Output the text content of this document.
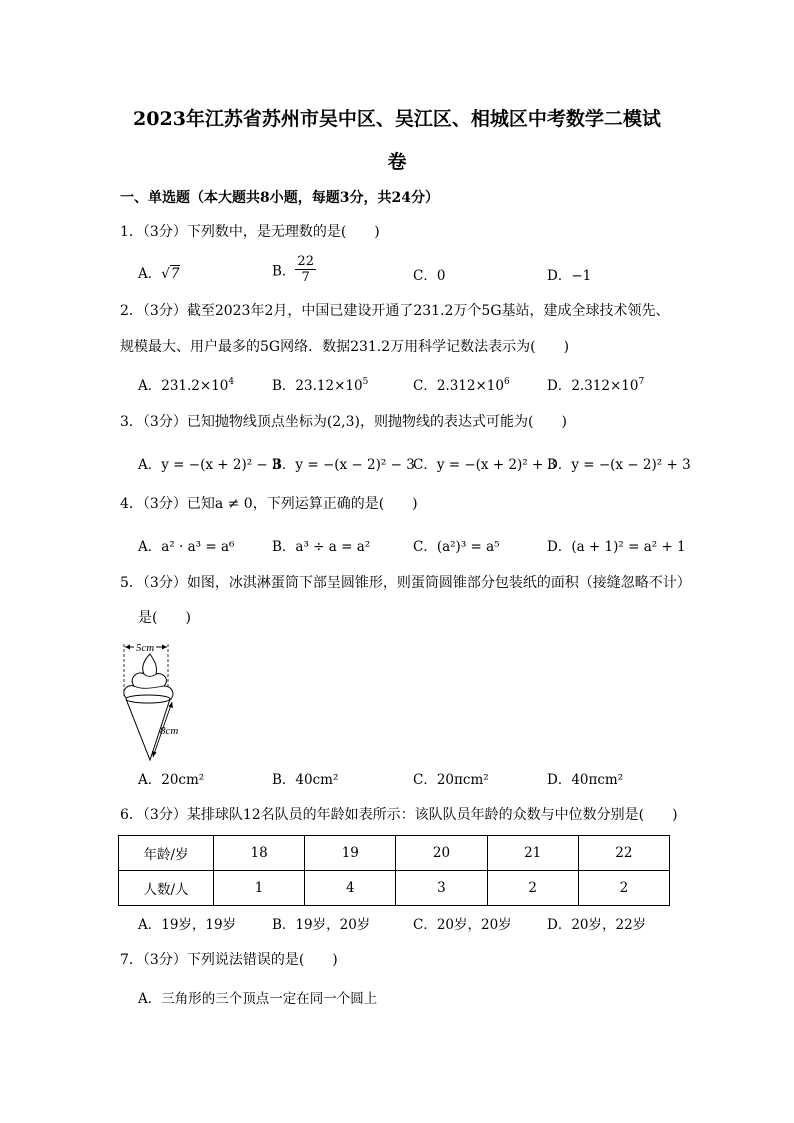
2023年江苏省苏州市吴中区、吴江区、相城区中考数学二模试
卷
一、单选题（本大题共8小题，每题3分，共24分）
1．（3分）下列数中，是无理数的是(　　)
A．√7	B． $\frac{22}{7}$	C．0	D．−1
2．（3分）截至2023年2月，中国已建设开通了231.2万个5G基站，建成全球技术领先、
规模最大、用户最多的5G网络．数据231.2万用科学记数法表示为(　　)
A．$231.2\times 10^4$	B．$23.12\times 10^5$	C．$2.312\times 10^6$	D．$2.312\times 10^7$
3．（3分）已知抛物线顶点坐标为(2,3)，则抛物线的表达式可能为(　　)
A．y = −(x + 2)² − 3
B．y = −(x − 2)² − 3
C．y = −(x + 2)² + 3
D．y = −(x − 2)² + 3
4．（3分）已知a ≠ 0，下列运算正确的是(　　)
A．a² · a³ = a⁶	B．a³ ÷ a = a²	C．(a²)³ = a⁵	D．(a + 1)² = a² + 1
5．（3分）如图，冰淇淋蛋筒下部呈圆锥形，则蛋筒圆锥部分包装纸的面积（接缝忽略不计）
是(　　)
5cm
8cm
A．20cm²	B．40cm²	C．20πcm²	D．40πcm²
6．（3分）某排球队12名队员的年龄如表所示：该队队员年龄的众数与中位数分别是(　　)
年龄/岁	18	19	20	21	22
人数/人	1	4	3	2	2
A．19岁，19岁	B．19岁，20岁	C．20岁，20岁	D．20岁，22岁
7．（3分）下列说法错误的是(　　)
A．三角形的三个顶点一定在同一个圆上
